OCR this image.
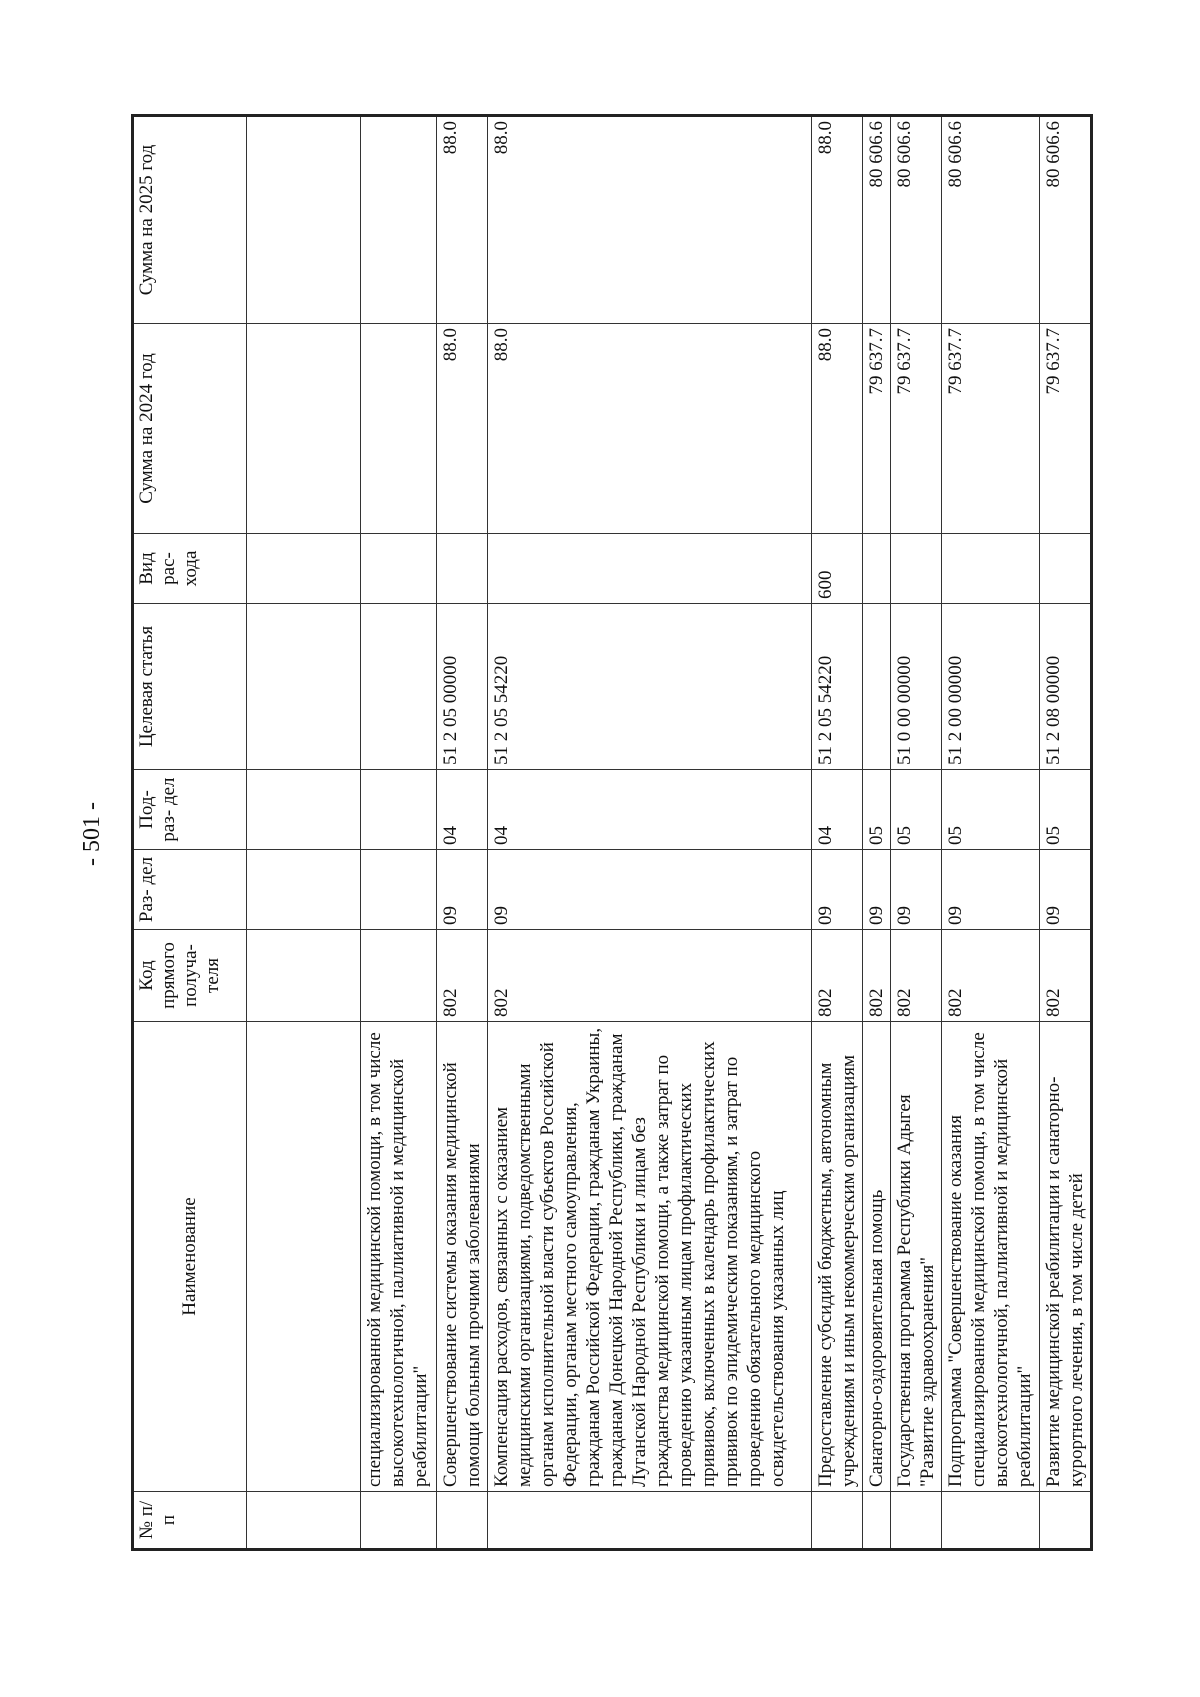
- 501 -
№ п/п	Наименование	Код прямого получа- теля	Раз- дел	Под- раз- дел	Целевая статья	Вид рас- хода	Сумма на 2024 год	Сумма на 2025 год

	специализированной медицинской помощи, в том числе высокотехнологичной, паллиативной и медицинской реабилитации"							
	Совершенствование системы оказания медицинской помощи больным прочими заболеваниями	802	09	04	51 2 05 00000		88.0	88.0
	Компенсация расходов, связанных с оказанием медицинскими организациями, подведомственными органам исполнительной власти субъектов Российской Федерации, органам местного самоуправления, гражданам Российской Федерации, гражданам Украины, гражданам Донецкой Народной Республики, гражданам Луганской Народной Республики и лицам без гражданства медицинской помощи, а также затрат по проведению указанным лицам профилактических прививок, включенных в календарь профилактических прививок по эпидемическим показаниям, и затрат по проведению обязательного медицинского освидетельствования указанных лиц	802	09	04	51 2 05 54220		88.0	88.0
	Предоставление субсидий бюджетным, автономным учреждениям и иным некоммерческим организациям	802	09	04	51 2 05 54220	600	88.0	88.0
	Санаторно-оздоровительная помощь	802	09	05			79 637.7	80 606.6
	Государственная программа Республики Адыгея "Развитие здравоохранения"	802	09	05	51 0 00 00000		79 637.7	80 606.6
	Подпрограмма "Совершенствование оказания специализированной медицинской помощи, в том числе высокотехнологичной, паллиативной и медицинской реабилитации"	802	09	05	51 2 00 00000		79 637.7	80 606.6
	Развитие медицинской реабилитации и санаторно-курортного лечения, в том числе детей	802	09	05	51 2 08 00000		79 637.7	80 606.6
